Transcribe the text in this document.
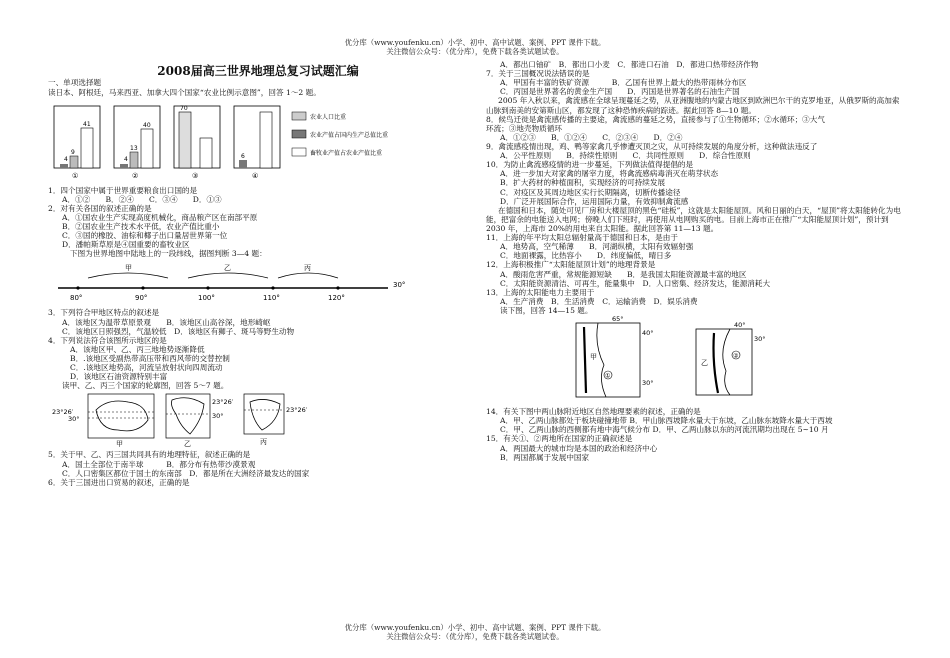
优分库（www.youfenku.cn）小学、初中、高中试题、案例、PPT 课件下载。
关注微信公众号：（优分库），免费下载各类试题试卷。

2008届高三世界地理总复习试题汇编

一、单项选择题

读日本、阿根廷，马来西亚、加拿大四个国家“农业比例示意图”，回答 1～2 题。

4
9
41
①
4
13
40
②
70
③
6
④
农业人口比重
农业产值占国内生产总值比重
畜牧业产值占农业产值比重

1．四个国家中属于世界重要粮食出口国的是

A．①②　　B．②④　　C．③④　　D．①③

2．对有关各国的叙述正确的是

A．①国农业生产实现高度机械化，商品粮产区在南部平原

B．②国农业生产技术水平低，农业产值比重小

C．③国的橡胶、油棕和椰子出口量居世界第一位

D．潘帕斯草原是④国重要的畜牧业区

下图为世界地图中陆地上的一段纬线，据图判断 3—4 题：

甲	乙	丙
80°	90°	100°	110°	120°
30°

3．下列符合甲地区特点的叙述是

A．该地区为温带草原景观　　B．该地区山高谷深，地形崎岖

C．该地区日照强烈，气温较低　D．该地区有狮子、斑马等野生动物

4．下列说法符合该图所示地区的是

A．该地区甲、乙、丙三地地势逐渐降低

B．.该地区受副热带高压带和西风带的交替控制

C．.该地区地势高，河流呈放射状向四周流动

D．该地区石油资源特别丰富

读甲、乙、丙三个国家的轮廓图，回答 5～7 题。

23°26′
30°
甲	乙
23°26′
30°
23°26′
丙

5．关于甲、乙、丙三国共同具有的地理特征，叙述正确的是

A．国土全部位于南半球　　　B．都分布有热带沙漠景观

C．人口密集区都位于国土的东南部　D．都是所在大洲经济最发达的国家

6．关于三国进出口贸易的叙述，正确的是

A．都出口铀矿　B．都出口小麦　C．都进口石油　D．都进口热带经济作物

7．关于三国概况说法错误的是

A．甲国有丰富的铁矿资源　　　B．乙国有世界上最大的热带雨林分布区

C．丙国是世界著名的黄金生产国　　D．丙国是世界著名的石油生产国

2005 年入秋以来，禽流感在全球呈现蔓延之势，从亚洲腹地的内蒙古地区到欧洲巴尔干的克罗地亚，从俄罗斯的高加索山脉到南美的安第斯山区，都发现了这种恐怖疾病的踪迹。据此回答 8—10 题。

8．候鸟迁徙是禽流感传播的主要途，禽流感的蔓延之势，直接参与了①生物循环；②水循环；③大气

环流；③地壳物质循环

A．①②③　　B．①②④　　C．②③④　　D．②④

9．禽流感疫情出现，鸡、鸭等家禽几乎惨遭灭顶之灾，从可持续发展的角度分析，这种做法违反了

A．公平性原则　　B．持续性原则　　C．共同性原则　　D．综合性原则

10．为防止禽流感疫情的进一步蔓延，下列做法值得提倡的是

A．进一步加大对家禽的屠宰力度，将禽流感病毒消灭在萌芽状态

B．扩大药材的种植面积，实现经济的可持续发展

C．对疫区及其周边地区实行长期隔离，切断传播途径

D．广泛开展国际合作，运用国际力量，有效抑制禽流感

在德国和日本，随处可见厂房和大楼屋顶的黑色“硅板”，这就是太阳能屋顶。风和日丽的白天，“屋顶”将太阳能转化为电能，把富余的电能送入电网；傍晚人们下班时，再使用从电网购买的电。目前上海市正在推广“太阳能屋顶计划”，预计到 2030 年，上海市 20%的用电来自太阳能。据此回答第 11—13 题。

11．上海的年平均太阳总辐射量高于德国和日本，是由于

A．地势高，空气稀薄　　B．河湖纵横，太阳有效辐射强

C．地面裸露，比热容小　　D．纬度偏低，晴日多

12．上海积极推广“太阳能屋顶计划”的地理背景是

A．酸雨危害严重，常规能源短缺　　B．是我国太阳能资源最丰富的地区

C．太阳能资源清洁、可再生，能量集中　D．人口密集、经济发达，能源消耗大

13．上海的太阳能电力主要用于

A．生产消费　B．生活消费　C．运输消费　D．娱乐消费

读下图，回答 14—15 题。

①
甲
65°
40°
30°
②
乙
40°
30°

14．有关下图中两山脉附近地区自然地理要素的叙述，正确的是

A．甲、乙两山脉都处于板块碰撞地带 B．甲山脉西坡降水量大于东坡，乙山脉东坡降水量大于西坡

C．甲、乙两山脉的西侧都有地中海气候分布 D．甲、乙两山脉以东的河流汛期均出现在 5~10 月

15．有关①、②两地所在国家的正确叙述是

A．两国最大的城市均是本国的政治和经济中心

B．两国都属于发展中国家

优分库（www.youfenku.cn）小学、初中、高中试题、案例、PPT 课件下载。
关注微信公众号：（优分库），免费下载各类试题试卷。
